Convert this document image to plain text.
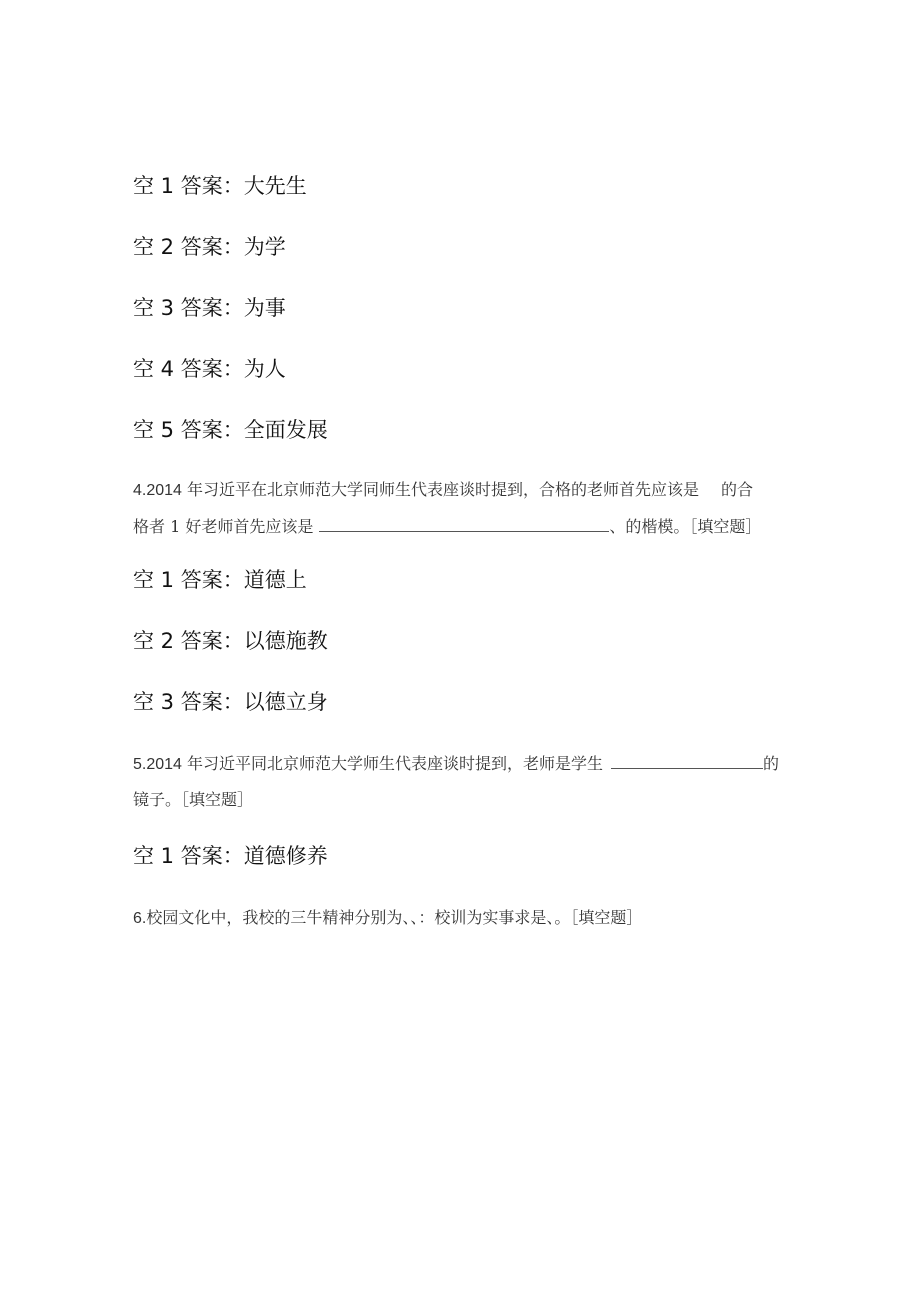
空 1 答案：大先生
空 2 答案：为学
空 3 答案：为事
空 4 答案：为人
空 5 答案：全面发展
4.2014 年习近平在北京师范大学同师生代表座谈时提到，合格的老师首先应该是 的合
格者 1 好老师首先应该是	、的楷模。［填空题］
空 1 答案：道德上
空 2 答案：以德施教
空 3 答案：以德立身
5.2014 年习近平同北京师范大学师生代表座谈时提到，老师是学生	的
镜子。［填空题］
空 1 答案：道德修养
6.校园文化中，我校的三牛精神分别为、、：校训为实事求是、。［填空题］
